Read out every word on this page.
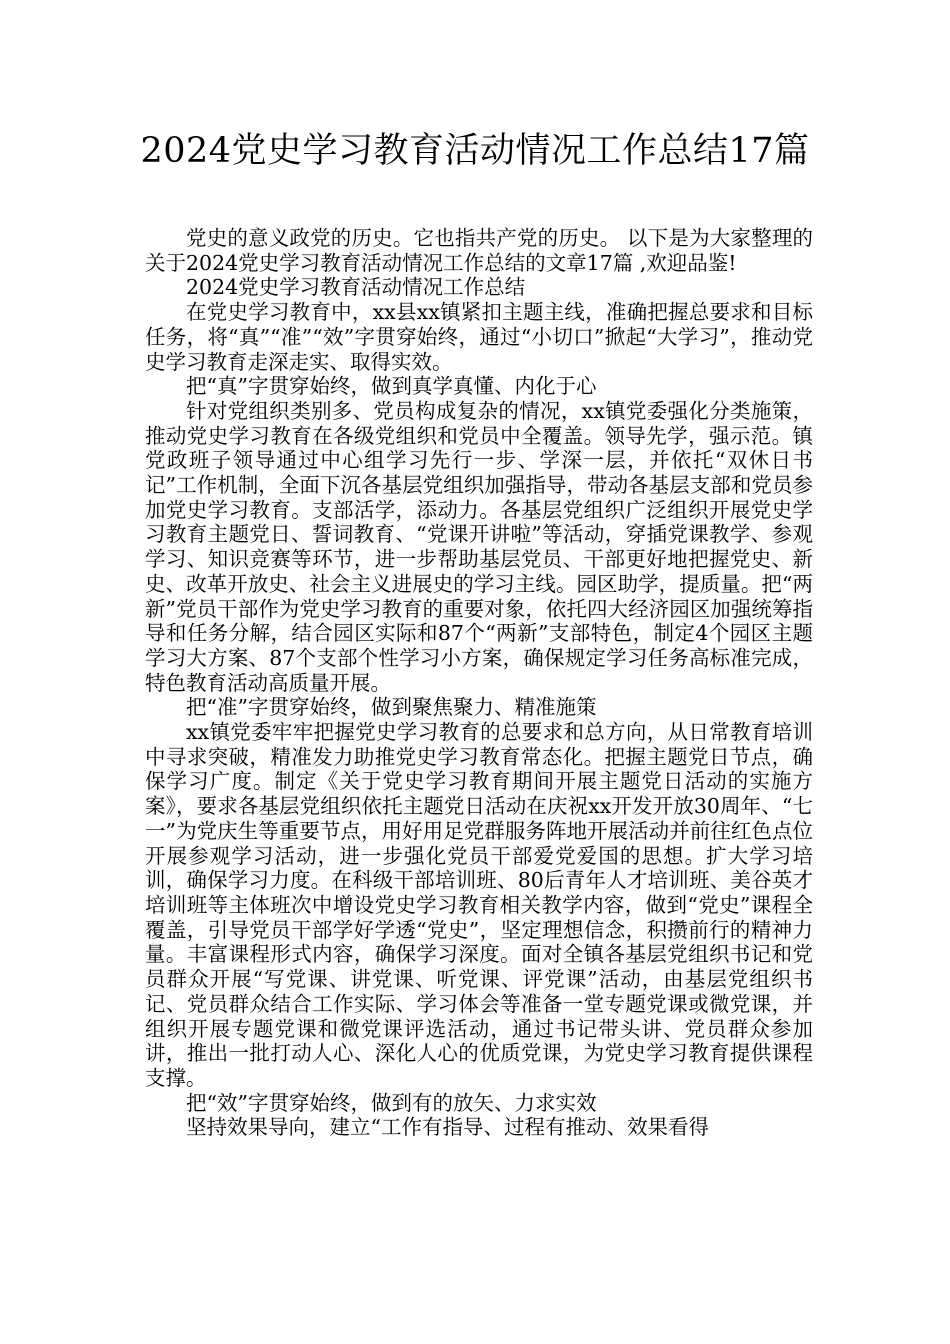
2024党史学习教育活动情况工作总结17篇

党史的意义政党的历史。它也指共产党的历史。 以下是为大家整理的关于2024党史学习教育活动情况工作总结的文章17篇 ,欢迎品鉴!

2024党史学习教育活动情况工作总结

在党史学习教育中，xx县xx镇紧扣主题主线，准确把握总要求和目标任务，将“真”“准”“效”字贯穿始终，通过“小切口”掀起“大学习”，推动党史学习教育走深走实、取得实效。

把“真”字贯穿始终，做到真学真懂、内化于心

针对党组织类别多、党员构成复杂的情况，xx镇党委强化分类施策，推动党史学习教育在各级党组织和党员中全覆盖。领导先学，强示范。镇党政班子领导通过中心组学习先行一步、学深一层，并依托“双休日书记”工作机制，全面下沉各基层党组织加强指导，带动各基层支部和党员参加党史学习教育。支部活学，添动力。各基层党组织广泛组织开展党史学习教育主题党日、誓词教育、“党课开讲啦”等活动，穿插党课教学、参观学习、知识竞赛等环节，进一步帮助基层党员、干部更好地把握党史、新史、改革开放史、社会主义进展史的学习主线。园区助学，提质量。把“两新”党员干部作为党史学习教育的重要对象，依托四大经济园区加强统筹指导和任务分解，结合园区实际和87个“两新”支部特色，制定4个园区主题学习大方案、87个支部个性学习小方案，确保规定学习任务高标准完成，特色教育活动高质量开展。

把“准”字贯穿始终，做到聚焦聚力、精准施策

xx镇党委牢牢把握党史学习教育的总要求和总方向，从日常教育培训中寻求突破，精准发力助推党史学习教育常态化。把握主题党日节点，确保学习广度。制定《关于党史学习教育期间开展主题党日活动的实施方案》，要求各基层党组织依托主题党日活动在庆祝xx开发开放30周年、“七一”为党庆生等重要节点，用好用足党群服务阵地开展活动并前往红色点位开展参观学习活动，进一步强化党员干部爱党爱国的思想。扩大学习培训，确保学习力度。在科级干部培训班、80后青年人才培训班、美谷英才培训班等主体班次中增设党史学习教育相关教学内容，做到“党史”课程全覆盖，引导党员干部学好学透“党史”，坚定理想信念，积攒前行的精神力量。丰富课程形式内容，确保学习深度。面对全镇各基层党组织书记和党员群众开展“写党课、讲党课、听党课、评党课”活动，由基层党组织书记、党员群众结合工作实际、学习体会等准备一堂专题党课或微党课，并组织开展专题党课和微党课评选活动，通过书记带头讲、党员群众参加讲，推出一批打动人心、深化人心的优质党课，为党史学习教育提供课程支撑。

把“效”字贯穿始终，做到有的放矢、力求实效

坚持效果导向，建立“工作有指导、过程有推动、效果看得
